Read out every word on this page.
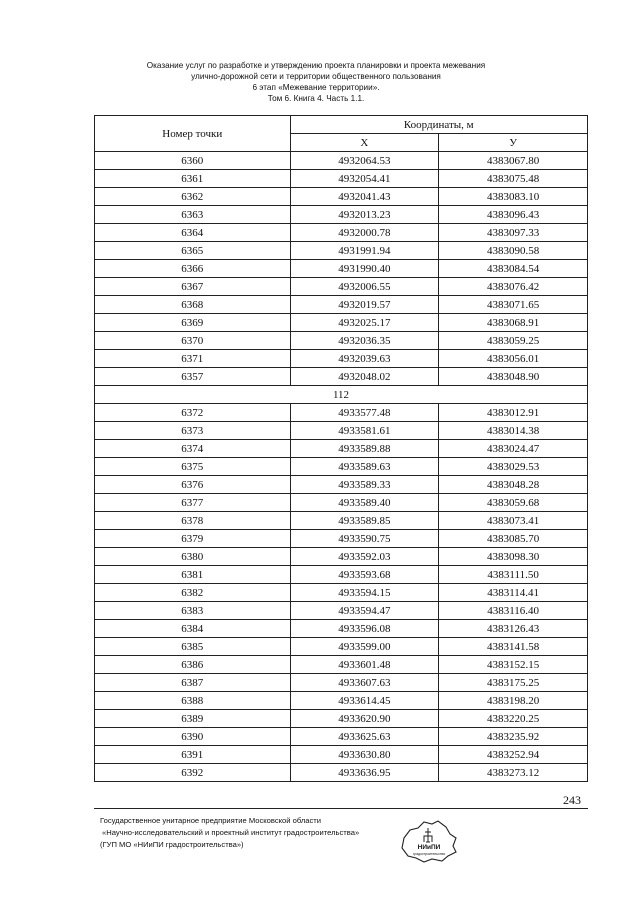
Оказание услуг по разработке и утверждению проекта планировки и проекта межевания
улично-дорожной сети и территории общественного пользования
6 этап «Межевание территории».
Том 6. Книга 4. Часть 1.1.
Номер точки	Координаты, м	
	X	У
6360	4932064.53	4383067.80
6361	4932054.41	4383075.48
6362	4932041.43	4383083.10
6363	4932013.23	4383096.43
6364	4932000.78	4383097.33
6365	4931991.94	4383090.58
6366	4931990.40	4383084.54
6367	4932006.55	4383076.42
6368	4932019.57	4383071.65
6369	4932025.17	4383068.91
6370	4932036.35	4383059.25
6371	4932039.63	4383056.01
6357	4932048.02	4383048.90
112		
6372	4933577.48	4383012.91
6373	4933581.61	4383014.38
6374	4933589.88	4383024.47
6375	4933589.63	4383029.53
6376	4933589.33	4383048.28
6377	4933589.40	4383059.68
6378	4933589.85	4383073.41
6379	4933590.75	4383085.70
6380	4933592.03	4383098.30
6381	4933593.68	4383111.50
6382	4933594.15	4383114.41
6383	4933594.47	4383116.40
6384	4933596.08	4383126.43
6385	4933599.00	4383141.58
6386	4933601.48	4383152.15
6387	4933607.63	4383175.25
6388	4933614.45	4383198.20
6389	4933620.90	4383220.25
6390	4933625.63	4383235.92
6391	4933630.80	4383252.94
6392	4933636.95	4383273.12
243
Государственное унитарное предприятие Московской области
«Научно-исследовательский и проектный институт градостроительства»
(ГУП МО «НИиПИ градостроительства»)	НИиПИ
градостроительства
